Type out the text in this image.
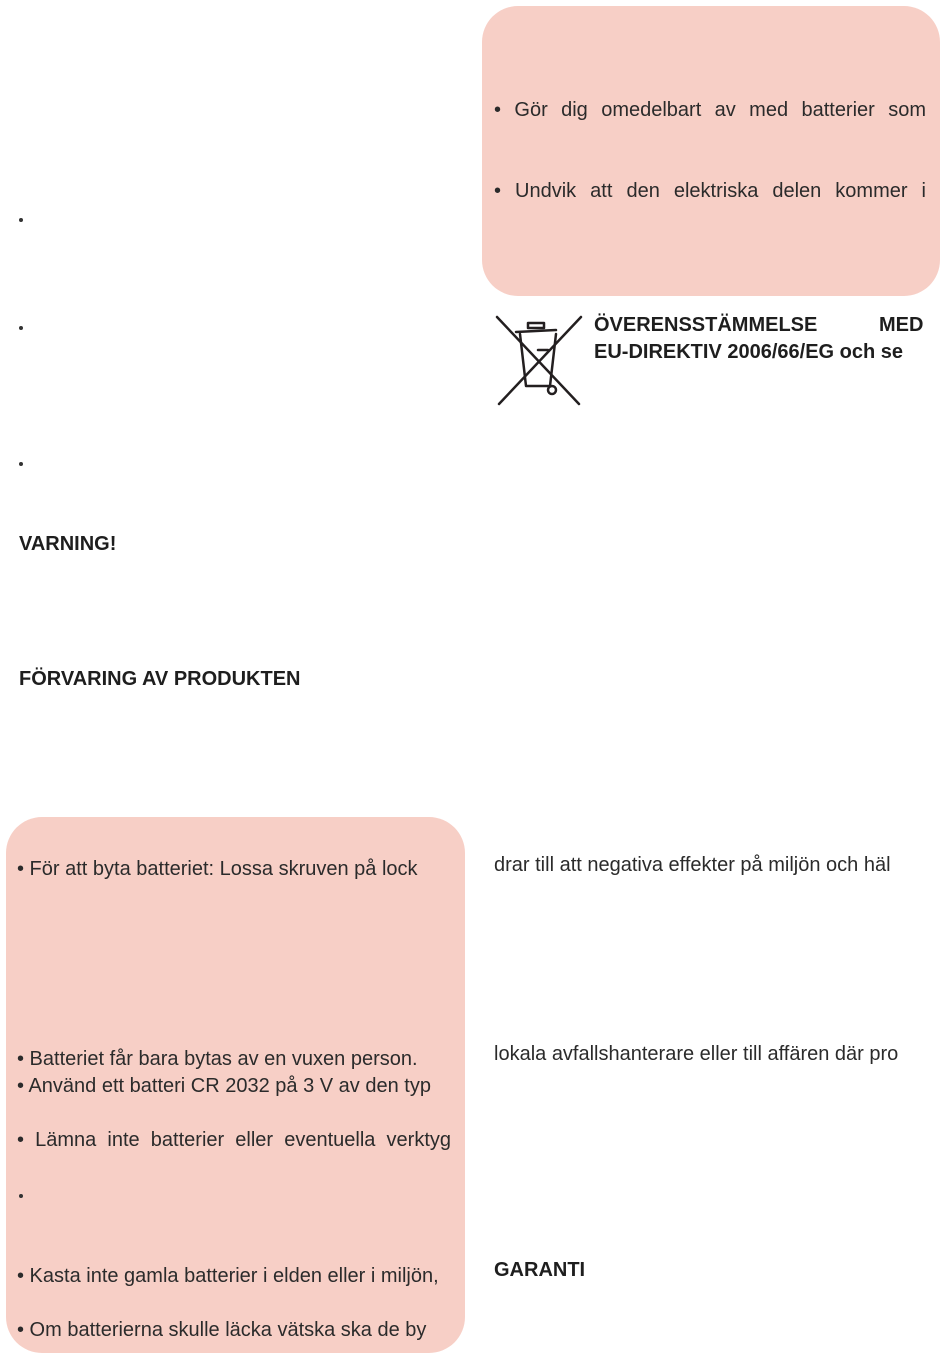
• Gör dig omedelbart av med batterier som
• Undvik att den elektriska delen kommer i
ÖVERENSSTÄMMELSE	MED
EU-DIREKTIV 2006/66/EG och se
VARNING!
FÖRVARING AV PRODUKTEN
• För att byta batteriet: Lossa skruven på lock
• Batteriet får bara bytas av en vuxen person.
• Använd ett batteri CR 2032 på 3 V av den typ
• Lämna inte batterier eller eventuella verktyg
• Kasta inte gamla batterier i elden eller i miljön,
• Om batterierna skulle läcka vätska ska de by
drar till att negativa effekter på miljön och häl
lokala avfallshanterare eller till affären där pro
GARANTI
